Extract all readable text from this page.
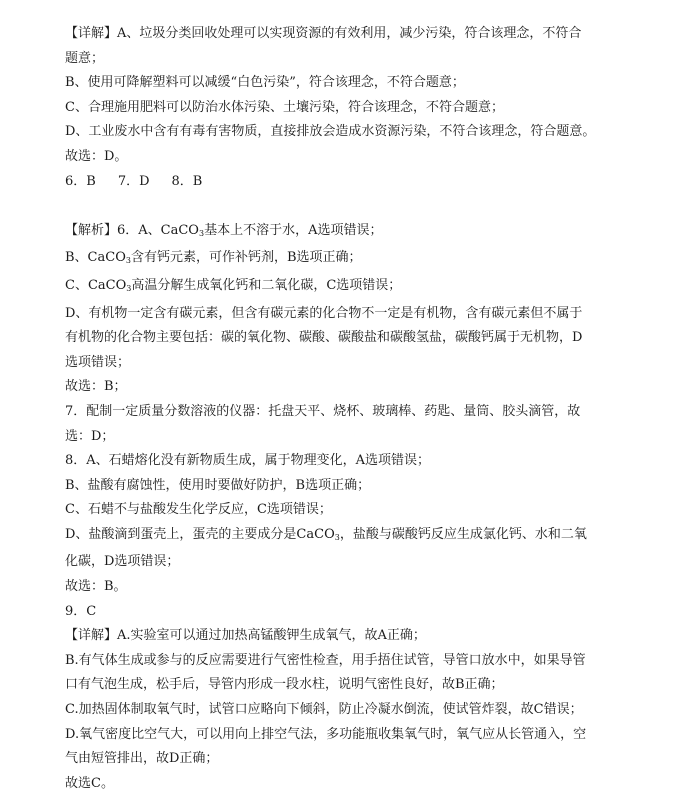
【详解】A、垃圾分类回收处理可以实现资源的有效利用，减少污染，符合该理念，不符合
题意；
B、使用可降解塑料可以减缓“白色污染”，符合该理念，不符合题意；
C、合理施用肥料可以防治水体污染、土壤污染，符合该理念，不符合题意；
D、工业废水中含有有毒有害物质，直接排放会造成水资源污染，不符合该理念，符合题意。
故选：D。
6．B 7．D 8．B
【解析】6．A、CaCO$_3$基本上不溶于水，A选项错误；
B、CaCO$_3$含有钙元素，可作补钙剂，B选项正确；
C、CaCO$_3$高温分解生成氧化钙和二氧化碳，C选项错误；
D、有机物一定含有碳元素，但含有碳元素的化合物不一定是有机物，含有碳元素但不属于
有机物的化合物主要包括：碳的氧化物、碳酸、碳酸盐和碳酸氢盐，碳酸钙属于无机物，D
选项错误；
故选：B；
7．配制一定质量分数溶液的仪器：托盘天平、烧杯、玻璃棒、药匙、量筒、胶头滴管，故
选：D；
8．A、石蜡熔化没有新物质生成，属于物理变化，A选项错误；
B、盐酸有腐蚀性，使用时要做好防护，B选项正确；
C、石蜡不与盐酸发生化学反应，C选项错误；
D、盐酸滴到蛋壳上，蛋壳的主要成分是CaCO$_3$，盐酸与碳酸钙反应生成氯化钙、水和二氧
化碳，D选项错误；
故选：B。
9．C
【详解】A.实验室可以通过加热高锰酸钾生成氧气，故A正确；
B.有气体生成或参与的反应需要进行气密性检查，用手捂住试管，导管口放水中，如果导管
口有气泡生成，松手后，导管内形成一段水柱，说明气密性良好，故B正确；
C.加热固体制取氧气时，试管口应略向下倾斜，防止冷凝水倒流，使试管炸裂，故C错误；
D.氧气密度比空气大，可以用向上排空气法，多功能瓶收集氧气时，氧气应从长管通入，空
气由短管排出，故D正确；
故选C。
